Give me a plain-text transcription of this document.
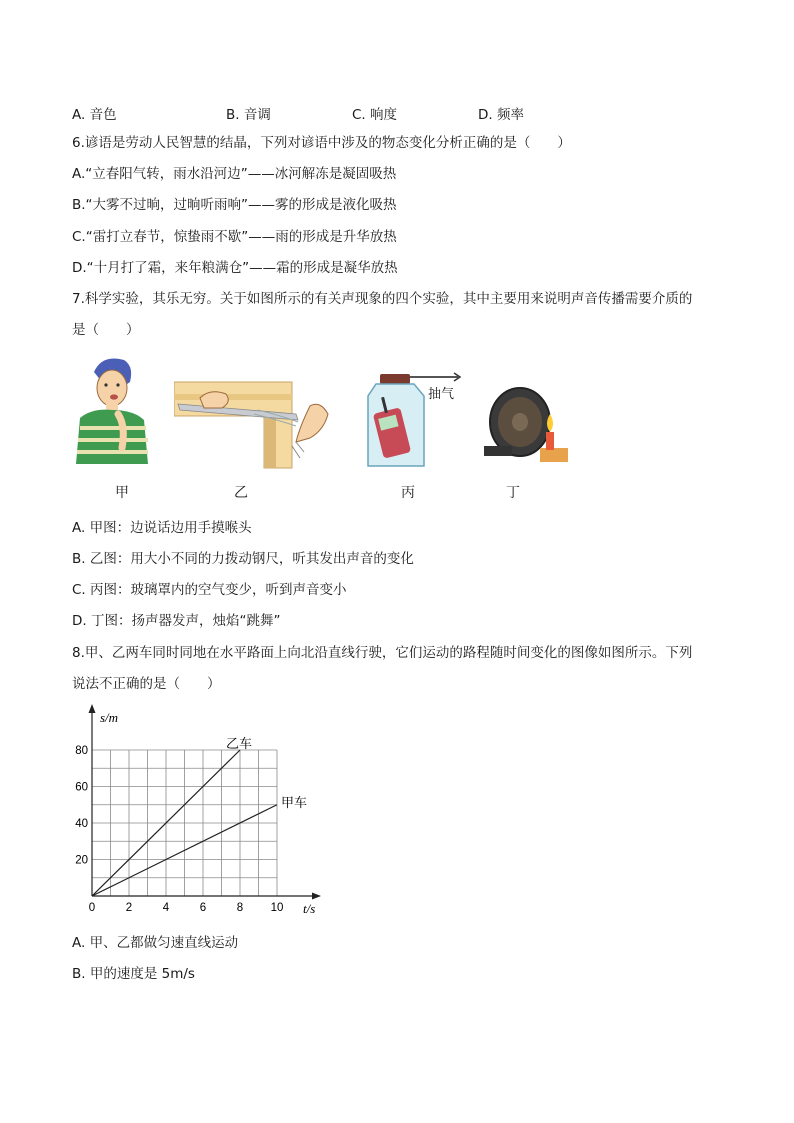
A. 音色	B. 音调	C. 响度	D. 频率
6.谚语是劳动人民智慧的结晶，下列对谚语中涉及的物态变化分析正确的是（　　）
A.“立春阳气转，雨水沿河边”——冰河解冻是凝固吸热
B.“大雾不过晌，过晌听雨响”——雾的形成是液化吸热
C.“雷打立春节，惊蛰雨不歇”——雨的形成是升华放热
D.“十月打了霜，来年粮满仓”——霜的形成是凝华放热
7.科学实验，其乐无穷。关于如图所示的有关声现象的四个实验，其中主要用来说明声音传播需要介质的
是（　　）
甲	乙
抽气
丙	丁
A. 甲图：边说话边用手摸喉头
B. 乙图：用大小不同的力拨动钢尺，听其发出声音的变化
C. 丙图：玻璃罩内的空气变少，听到声音变小
D. 丁图：扬声器发声，烛焰“跳舞”
8.甲、乙两车同时同地在水平路面上向北沿直线行驶，它们运动的路程随时间变化的图像如图所示。下列
说法不正确的是（　　）
0	2	4	6	8 10
20
40
60
80	乙车
甲车
s/m
t/s
A. 甲、乙都做匀速直线运动
B. 甲的速度是 5m/s
